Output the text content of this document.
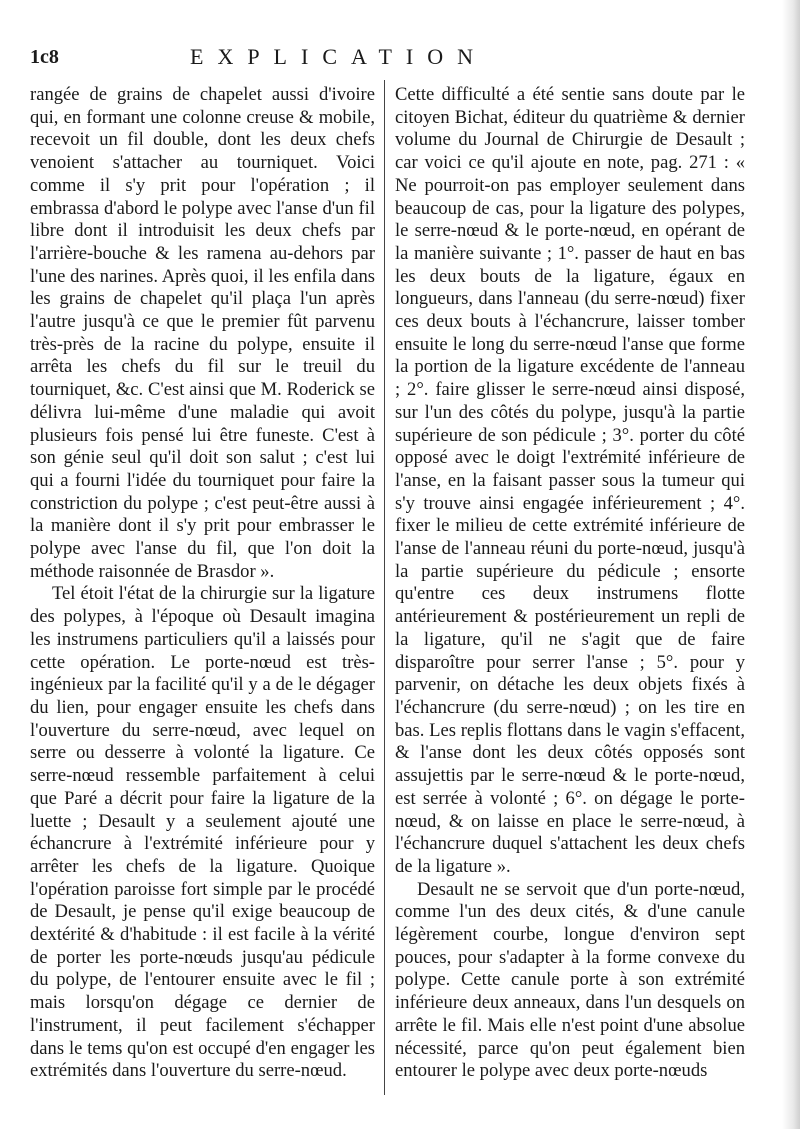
1c8	EXPLICATION

rangée de grains de chapelet aussi d'ivoire qui, en formant une colonne creuse & mobile, recevoit un fil double, dont les deux chefs venoient s'attacher au tourniquet. Voici comme il s'y prit pour l'opération ; il embrassa d'abord le polype avec l'anse d'un fil libre dont il introduisit les deux chefs par l'arrière-bouche & les ramena au-dehors par l'une des narines. Après quoi, il les enfila dans les grains de chapelet qu'il plaça l'un après l'autre jusqu'à ce que le premier fût parvenu très-près de la racine du polype, ensuite il arrêta les chefs du fil sur le treuil du tourniquet, &c. C'est ainsi que M. Roderick se délivra lui-même d'une maladie qui avoit plusieurs fois pensé lui être funeste. C'est à son génie seul qu'il doit son salut ; c'est lui qui a fourni l'idée du tourniquet pour faire la constriction du polype ; c'est peut-être aussi à la manière dont il s'y prit pour embrasser le polype avec l'anse du fil, que l'on doit la méthode raisonnée de Brasdor ».

Tel étoit l'état de la chirurgie sur la ligature des polypes, à l'époque où Desault imagina les instrumens particuliers qu'il a laissés pour cette opération. Le porte-nœud est très-ingénieux par la facilité qu'il y a de le dégager du lien, pour engager ensuite les chefs dans l'ouverture du serre-nœud, avec lequel on serre ou desserre à volonté la ligature. Ce serre-nœud ressemble parfaitement à celui que Paré a décrit pour faire la ligature de la luette ; Desault y a seulement ajouté une échancrure à l'extrémité inférieure pour y arrêter les chefs de la ligature. Quoique l'opération paroisse fort simple par le procédé de Desault, je pense qu'il exige beaucoup de dextérité & d'habitude : il est facile à la vérité de porter les porte-nœuds jusqu'au pédicule du polype, de l'entourer ensuite avec le fil ; mais lorsqu'on dégage ce dernier de l'instrument, il peut facilement s'échapper dans le tems qu'on est occupé d'en engager les extrémités dans l'ouverture du serre-nœud.

Cette difficulté a été sentie sans doute par le citoyen Bichat, éditeur du quatrième & dernier volume du Journal de Chirurgie de Desault ; car voici ce qu'il ajoute en note, pag. 271 : « Ne pourroit-on pas employer seulement dans beaucoup de cas, pour la ligature des polypes, le serre-nœud & le porte-nœud, en opérant de la manière suivante ; 1°. passer de haut en bas les deux bouts de la ligature, égaux en longueurs, dans l'anneau (du serre-nœud) fixer ces deux bouts à l'échancrure, laisser tomber ensuite le long du serre-nœud l'anse que forme la portion de la ligature excédente de l'anneau ; 2°. faire glisser le serre-nœud ainsi disposé, sur l'un des côtés du polype, jusqu'à la partie supérieure de son pédicule ; 3°. porter du côté opposé avec le doigt l'extrémité inférieure de l'anse, en la faisant passer sous la tumeur qui s'y trouve ainsi engagée inférieurement ; 4°. fixer le milieu de cette extrémité inférieure de l'anse de l'anneau réuni du porte-nœud, jusqu'à la partie supérieure du pédicule ; ensorte qu'entre ces deux instrumens flotte antérieurement & postérieurement un repli de la ligature, qu'il ne s'agit que de faire disparoître pour serrer l'anse ; 5°. pour y parvenir, on détache les deux objets fixés à l'échancrure (du serre-nœud) ; on les tire en bas. Les replis flottans dans le vagin s'effacent, & l'anse dont les deux côtés opposés sont assujettis par le serre-nœud & le porte-nœud, est serrée à volonté ; 6°. on dégage le porte-nœud, & on laisse en place le serre-nœud, à l'échancrure duquel s'attachent les deux chefs de la ligature ».

Desault ne se servoit que d'un porte-nœud, comme l'un des deux cités, & d'une canule légèrement courbe, longue d'environ sept pouces, pour s'adapter à la forme convexe du polype. Cette canule porte à son extrémité inférieure deux anneaux, dans l'un desquels on arrête le fil. Mais elle n'est point d'une absolue nécessité, parce qu'on peut également bien entourer le polype avec deux porte-nœuds
